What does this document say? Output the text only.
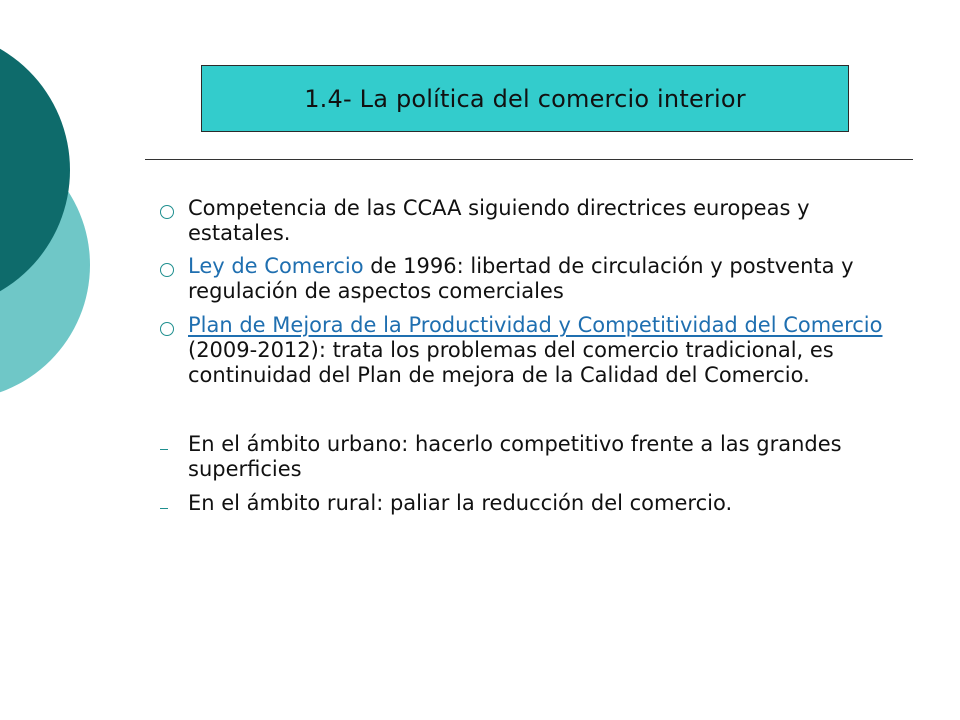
1.4- La política del comercio interior
Competencia de las CCAA siguiendo directrices europeas y estatales.
Ley de Comercio de 1996: libertad de circulación y postventa y regulación de aspectos comerciales
Plan de Mejora de la Productividad y Competitividad del Comercio (2009-2012): trata los problemas del comercio tradicional, es continuidad del Plan de mejora de la Calidad del Comercio.
En el ámbito urbano: hacerlo competitivo frente a las grandes superficies
En el ámbito rural: paliar la reducción del comercio.
